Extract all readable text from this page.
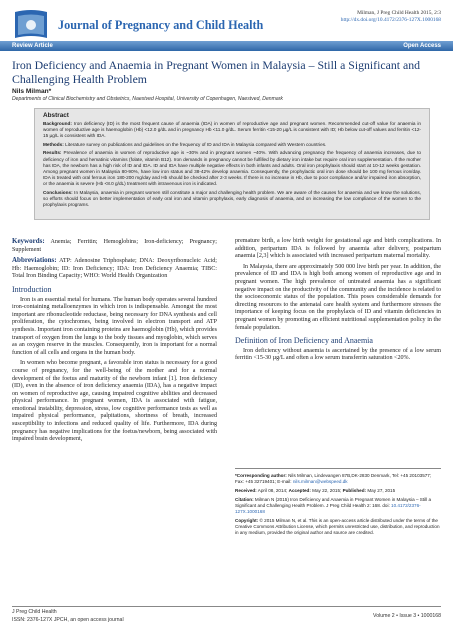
Journal of Pregnancy and Child Health
Milman, J Preg Child Health 2015, 2:3
http://dx.doi.org/10.4172/2376-127X.1000168
Review Article	Open Access
Iron Deficiency and Anaemia in Pregnant Women in Malaysia – Still a Significant and Challenging Health Problem
Nils Milman*
Departments of Clinical Biochemistry and Obstetrics, Naestved Hospital, University of Copenhagen, Naestved, Denmark
Abstract

Background: Iron deficiency (ID) is the most frequent cause of anaemia (IDA) in women of reproductive age and pregnant women. Recommended cut-off value for anaemia in women of reproductive age is haemoglobin (Hb) <12.0 g/dL and in pregnancy Hb <11.0 g/dL. Serum ferritin <15-20 µg/L is consistent with ID; Hb below cut-off values and ferritin <12-15 µg/L is consistent with IDA.

Methods: Literature survey on publications and guidelines on the frequency of ID and IDA in Malaysia compared with Western countries.

Results: Prevalence of anaemia in women of reproductive age is ~30% and in pregnant women ~40%. With advancing pregnancy the frequency of anaemia increases, due to deficiency of iron and hematinic vitamins (folate, vitamin B12). Iron demands in pregnancy cannot be fulfilled by dietary iron intake but require oral iron supplementation. If the mother has IDA, the newborn has a high risk of ID and IDA. ID and IDA have multiple negative effects in both infants and adults. Oral iron prophylaxis should start at 10-12 weeks gestation. Among pregnant women in Malaysia 80-90%, have low iron status and 38-42% develop anaemia. Consequently, the prophylactic oral iron dose should be 100 mg ferrous iron/day. IDA is treated with oral ferrous iron 180-200 mg/day and Hb should be checked after 2-3 weeks. If there is no increase in Hb, due to poor compliance and/or impaired iron absorption, or the anaemia is severe (Hb <8.0 g/dL) treatment with intravenous iron is indicated.

Conclusions: In Malaysia, anaemia in pregnant women still constitute a major and challenging health problem. We are aware of the causes for anaemia and we know the solutions, so efforts should focus on better implementation of early oral iron and vitamin prophylaxis, early diagnosis of anaemia, and on increasing the low compliance of the women to the prophylaxis programs.

Keywords: Anemia; Ferritin; Hemoglobins; Iron-deficiency; Pregnancy; Supplement

Abbreviations: ATP: Adenosine Triphosphate; DNA: Deoxyribonucleic Acid; Hb: Haemoglobin; ID: Iron Deficiency; IDA: Iron Deficiency Anaemia; TIBC: Total Iron Binding Capacity; WHO: World Health Organization

Introduction

Iron is an essential metal for humans. The human body operates several hundred iron-containing metalloenzymes in which iron is indispensable. Amongst the most important are ribonucleotide reductase, being necessary for DNA synthesis and cell proliferation, the cytochromes, being involved in electron transport and ATP synthesis. Important iron containing proteins are haemoglobin (Hb), which provides transport of oxygen from the lungs to the body tissues and myoglobin, which serves as an oxygen reserve in the muscles. Consequently, iron is important for a normal function of all cells and organs in the human body.

In women who become pregnant, a favorable iron status is necessary for a good course of pregnancy, for the well-being of the mother and for a normal development of the foetus and maturity of the newborn infant [1]. Iron deficiency (ID), even in the absence of iron deficiency anaemia (IDA), has a negative impact on women of reproductive age, causing impaired cognitive abilities and decreased physical performance. In pregnant women, IDA is associated with fatigue, emotional instability, depression, stress, low cognitive performance tests as well as impaired physical performance, palpitations, shortness of breath, increased susceptibility to infections and reduced quality of life. Furthermore, IDA during pregnancy has negative implications for the foetus/newborn, being associated with impaired brain development,

premature birth, a low birth weight for gestational age and birth complications. In addition, peripartum IDA is followed by anaemia after delivery, postpartum anaemia [2,3] which is associated with increased peripartum maternal mortality.

In Malaysia, there are approximately 500 000 live birth per year. In addition, the prevalence of ID and IDA is high both among women of reproductive age and in pregnant women. The high prevalence of untreated anaemia has a significant negative impact on the productivity of the community and the incidence is related to the socioeconomic status of the population. This poses considerable demands for directing resources to the antenatal care health system and furthermore stresses the importance of keeping focus on the prophylaxis of ID and vitamin deficiencies in pregnant women by promoting an efficient nutritional supplementation policy in the female population.

Definition of Iron Deficiency and Anaemia

Iron deficiency without anaemia is ascertained by the presence of a low serum ferritin <15-30 µg/L and often a low serum transferrin saturation <20%.

*Corresponding author: Nils Milman, Lindevangen 87B,DK-2830 Denmark, Tel: +45 20103577; Fax: +45 32719401; E-mail: nils.milman@webspeed.dk

Received: April 08, 2014; Accepted: May 22, 2015; Published: May 27, 2015

Citation: Milman N (2015) Iron Deficiency and Anaemia in Pregnant Women in Malaysia – Still a Significant and Challenging Health Problem. J Preg Child Health 2: 168. doi: 10.4172/2376-127X.1000168

Copyright: © 2015 Milman N, et al. This is an open-access article distributed under the terms of the Creative Commons Attribution License, which permits unrestricted use, distribution, and reproduction in any medium, provided the original author and source are credited.

J Preg Child Health
ISSN: 2376-127X JPCH, an open access journal
Volume 2 • Issue 3 • 1000168
